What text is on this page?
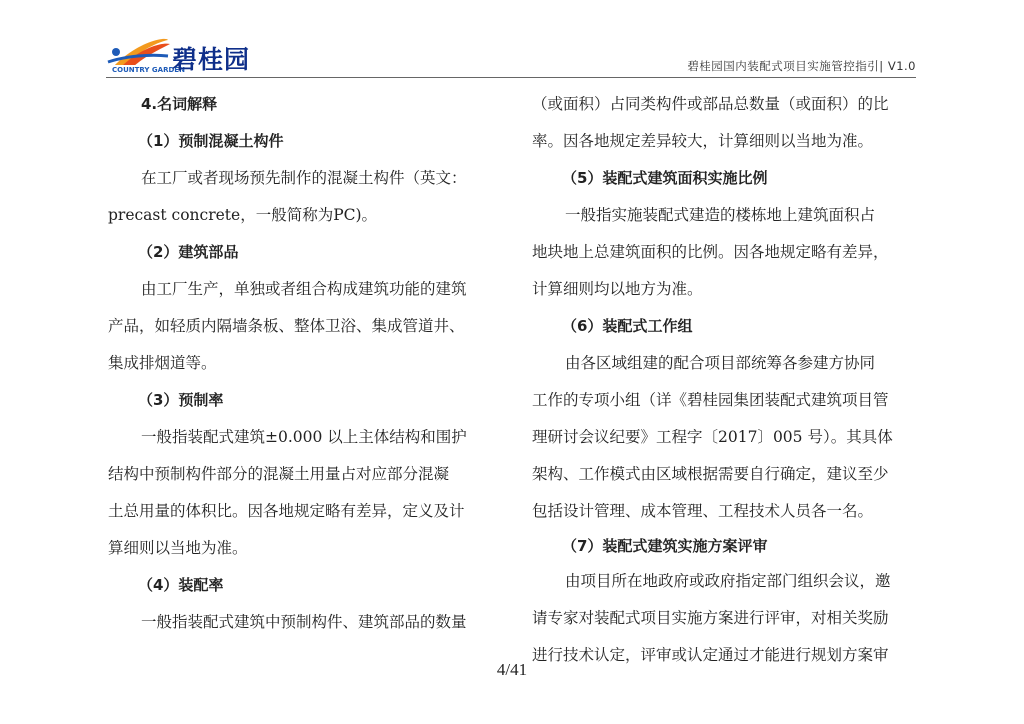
COUNTRY GARDEN
碧桂园	碧桂园国内装配式项目实施管控指引| V1.0
4.名词解释
（1）预制混凝土构件
在工厂或者现场预先制作的混凝土构件（英文：
precast concrete，一般简称为PC)。
（2）建筑部品
由工厂生产，单独或者组合构成建筑功能的建筑
产品，如轻质内隔墙条板、整体卫浴、集成管道井、
集成排烟道等。
（3）预制率
一般指装配式建筑±0.000 以上主体结构和围护
结构中预制构件部分的混凝土用量占对应部分混凝
土总用量的体积比。因各地规定略有差异，定义及计
算细则以当地为准。
（4）装配率
一般指装配式建筑中预制构件、建筑部品的数量
（或面积）占同类构件或部品总数量（或面积）的比
率。因各地规定差异较大，计算细则以当地为准。
（5）装配式建筑面积实施比例
一般指实施装配式建造的楼栋地上建筑面积占
地块地上总建筑面积的比例。因各地规定略有差异，
计算细则均以地方为准。
（6）装配式工作组
由各区域组建的配合项目部统筹各参建方协同
工作的专项小组（详《碧桂园集团装配式建筑项目管
理研讨会议纪要》工程字〔2017〕005 号）。其具体
架构、工作模式由区域根据需要自行确定，建议至少
包括设计管理、成本管理、工程技术人员各一名。
（7）装配式建筑实施方案评审
由项目所在地政府或政府指定部门组织会议，邀
请专家对装配式项目实施方案进行评审，对相关奖励
进行技术认定，评审或认定通过才能进行规划方案审
4/41
